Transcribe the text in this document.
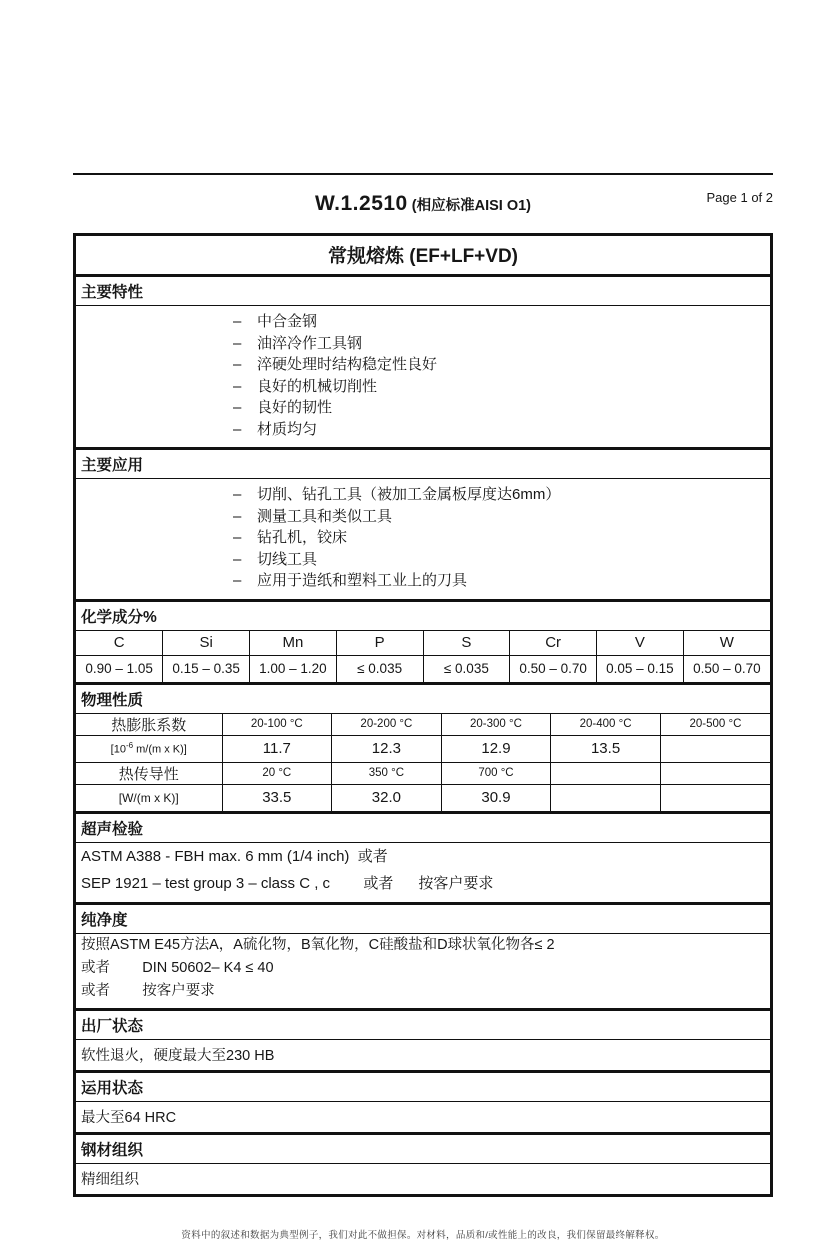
W.1.2510 (相应标准AISI O1)
Page 1 of 2
常规熔炼 (EF+LF+VD)
主要特性
– 中合金钢
– 油淬冷作工具钢
– 淬硬处理时结构稳定性良好
– 良好的机械切削性
– 良好的韧性
– 材质均匀
主要应用
– 切削、钻孔工具（被加工金属板厚度达6mm）
– 测量工具和类似工具
– 钻孔机，铰床
– 切线工具
– 应用于造纸和塑料工业上的刀具
化学成分%
C	Si	Mn	P	S	Cr	V	W
0.90 – 1.05	0.15 – 0.35	1.00 – 1.20	≤ 0.035	≤ 0.035	0.50 – 0.70	0.05 – 0.15	0.50 – 0.70
物理性质
热膨胀系数	20-100 °C	20-200 °C	20-300 °C	20-400 °C	20-500 °C
[$10^{-6}$ m/(m x K)]	11.7	12.3	12.9	13.5	
热传导性	20 °C	350 °C	700 °C		
[W/(m x K)]	33.5	32.0	30.9		
超声检验
ASTM A388 - FBH max. 6 mm (1/4 inch)  或者
SEP 1921 – test group 3 – class C , c        或者      按客户要求
纯净度
按照ASTM E45方法A，A硫化物，B氧化物，C硅酸盐和D球状氧化物各≤ 2
或者        DIN 50602– K4 ≤ 40
或者        按客户要求
出厂状态
软性退火，硬度最大至230 HB
运用状态
最大至64 HRC
钢材组织
精细组织
资料中的叙述和数据为典型例子，我们对此不做担保。对材料，品质和/或性能上的改良，我们保留最终解释权。
